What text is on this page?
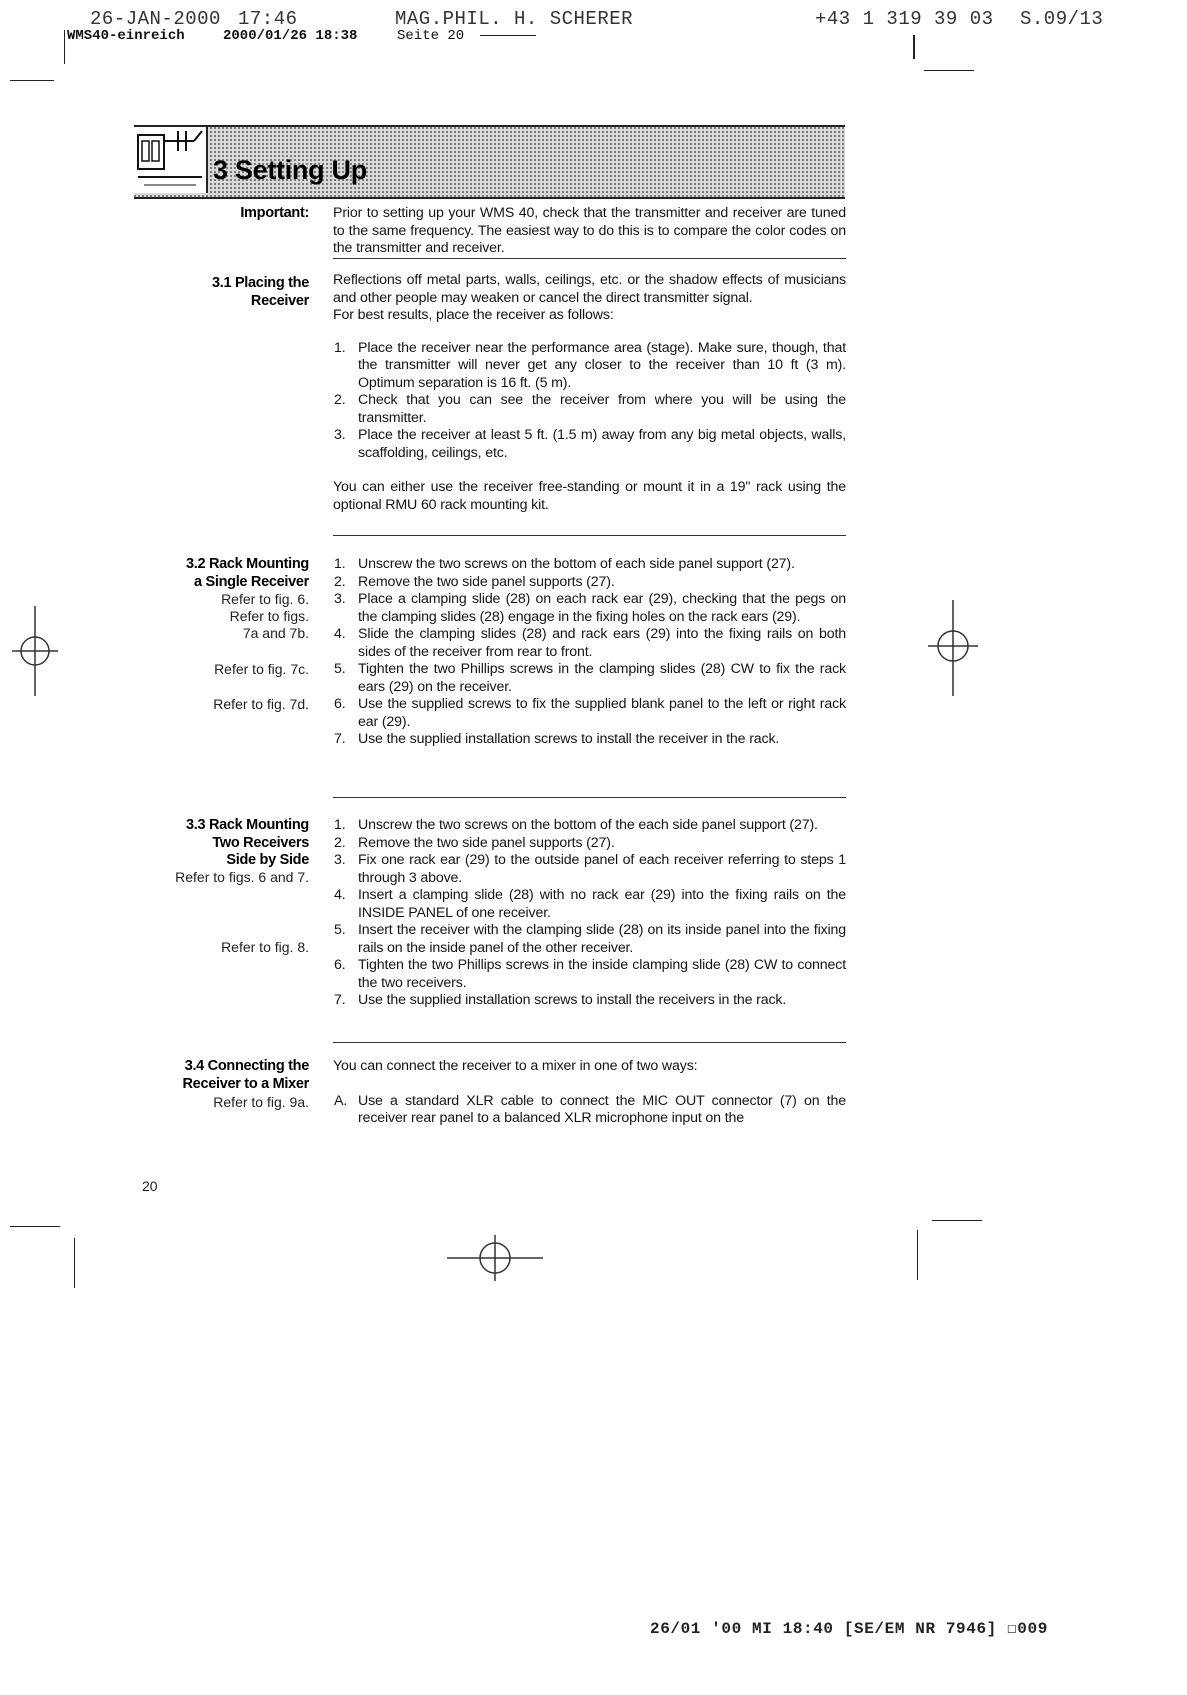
26-JAN-2000 17:46	MAG.PHIL. H. SCHERER	+43 1 319 39 03 S.09/13
WMS40-einreich	2000/01/26 18:38	Seite 20
3 Setting Up
Important: Prior to setting up your WMS 40, check that the transmitter and receiver are tuned to the same frequency. The easiest way to do this is to compare the color codes on the transmitter and receiver.

3.1 Placing the
Receiver

Reflections off metal parts, walls, ceilings, etc. or the shadow effects of musicians and other people may weaken or cancel the direct transmitter signal.

For best results, place the receiver as follows:

1. Place the receiver near the performance area (stage). Make sure, though, that the transmitter will never get any closer to the receiver than 10 ft (3 m). Optimum separation is 16 ft. (5 m).
2. Check that you can see the receiver from where you will be using the transmitter.
3. Place the receiver at least 5 ft. (1.5 m) away from any big metal objects, walls, scaffolding, ceilings, etc.

You can either use the receiver free-standing or mount it in a 19" rack using the optional RMU 60 rack mounting kit.

3.2 Rack Mounting
a Single Receiver
Refer to fig. 6.
Refer to figs.
7a and 7b.
Refer to fig. 7c.
Refer to fig. 7d.
1. Unscrew the two screws on the bottom of each side panel support (27).
2. Remove the two side panel supports (27).
3. Place a clamping slide (28) on each rack ear (29), checking that the pegs on the clamping slides (28) engage in the fixing holes on the rack ears (29).
4. Slide the clamping slides (28) and rack ears (29) into the fixing rails on both sides of the receiver from rear to front.
5. Tighten the two Phillips screws in the clamping slides (28) CW to fix the rack ears (29) on the receiver.
6. Use the supplied screws to fix the supplied blank panel to the left or right rack ear (29).
7. Use the supplied installation screws to install the receiver in the rack.
3.3 Rack Mounting
Two Receivers
Side by Side
Refer to figs. 6 and 7.
Refer to fig. 8.
1. Unscrew the two screws on the bottom of the each side panel support (27).
2. Remove the two side panel supports (27).
3. Fix one rack ear (29) to the outside panel of each receiver referring to steps 1 through 3 above.
4. Insert a clamping slide (28) with no rack ear (29) into the fixing rails on the INSIDE PANEL of one receiver.
5. Insert the receiver with the clamping slide (28) on its inside panel into the fixing rails on the inside panel of the other receiver.
6. Tighten the two Phillips screws in the inside clamping slide (28) CW to connect the two receivers.
7. Use the supplied installation screws to install the receivers in the rack.
3.4 Connecting the
Receiver to a Mixer
Refer to fig. 9a.

You can connect the receiver to a mixer in one of two ways:

A. Use a standard XLR cable to connect the MIC OUT connector (7) on the receiver rear panel to a balanced XLR microphone input on the
20
26/01 '00 MI 18:40 [SE/EM NR 7946] ☐009
